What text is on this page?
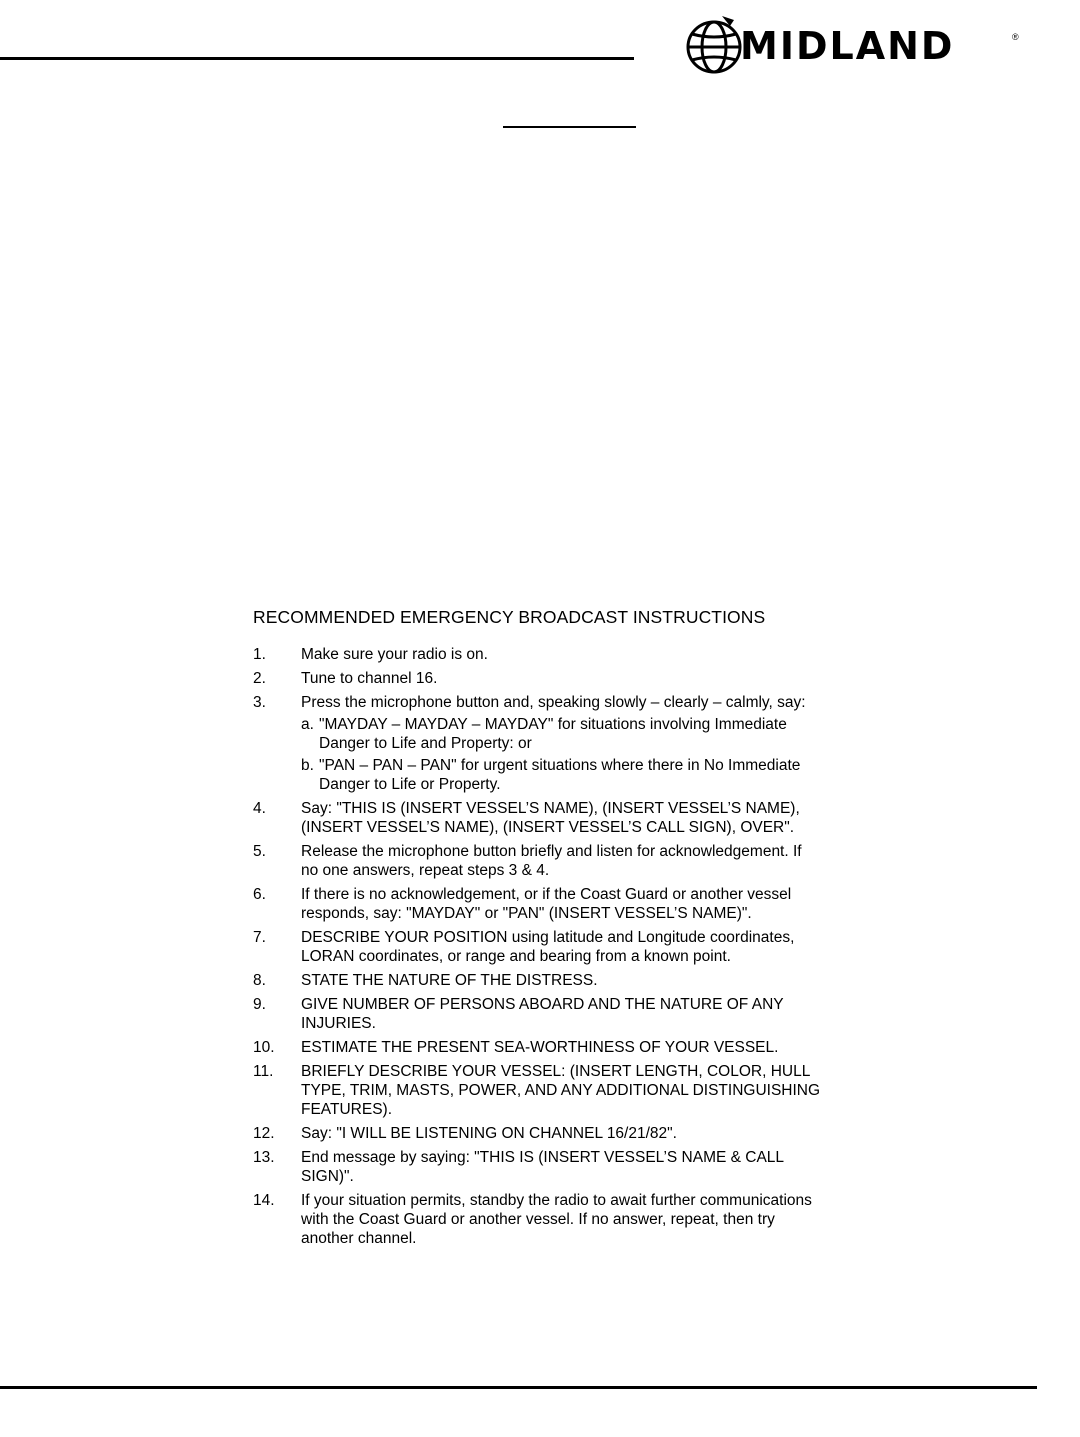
MIDLAND	®
RECOMMENDED EMERGENCY BROADCAST INSTRUCTIONS
1.	Make sure your radio is on.
2.	Tune to channel 16.
3.	Press the microphone button and, speaking slowly – clearly – calmly, say:
a. "MAYDAY – MAYDAY – MAYDAY" for situations involving Immediate Danger to Life and Property: or
b. "PAN – PAN – PAN" for urgent situations where there in No Immediate Danger to Life or Property.
4.	Say: "THIS IS (INSERT VESSEL’S NAME), (INSERT VESSEL’S NAME), (INSERT VESSEL’S NAME), (INSERT VESSEL’S CALL SIGN), OVER".
5.	Release the microphone button briefly and listen for acknowledgement. If no one answers, repeat steps 3 & 4.
6.	If there is no acknowledgement, or if the Coast Guard or another vessel responds, say: "MAYDAY" or "PAN" (INSERT VESSEL’S NAME)".
7.	DESCRIBE YOUR POSITION using latitude and Longitude coordinates, LORAN coordinates, or range and bearing from a known point.
8.	STATE THE NATURE OF THE DISTRESS.
9.	GIVE NUMBER OF PERSONS ABOARD AND THE NATURE OF ANY INJURIES.
10.	ESTIMATE THE PRESENT SEA-WORTHINESS OF YOUR VESSEL.
11.	BRIEFLY DESCRIBE YOUR VESSEL: (INSERT LENGTH, COLOR, HULL TYPE, TRIM, MASTS, POWER, AND ANY ADDITIONAL DISTINGUISHING FEATURES).
12.	Say: "I WILL BE LISTENING ON CHANNEL 16/21/82".
13.	End message by saying: "THIS IS (INSERT VESSEL’S NAME & CALL SIGN)".
14.	If your situation permits, standby the radio to await further communications with the Coast Guard or another vessel. If no answer, repeat, then try another channel.
